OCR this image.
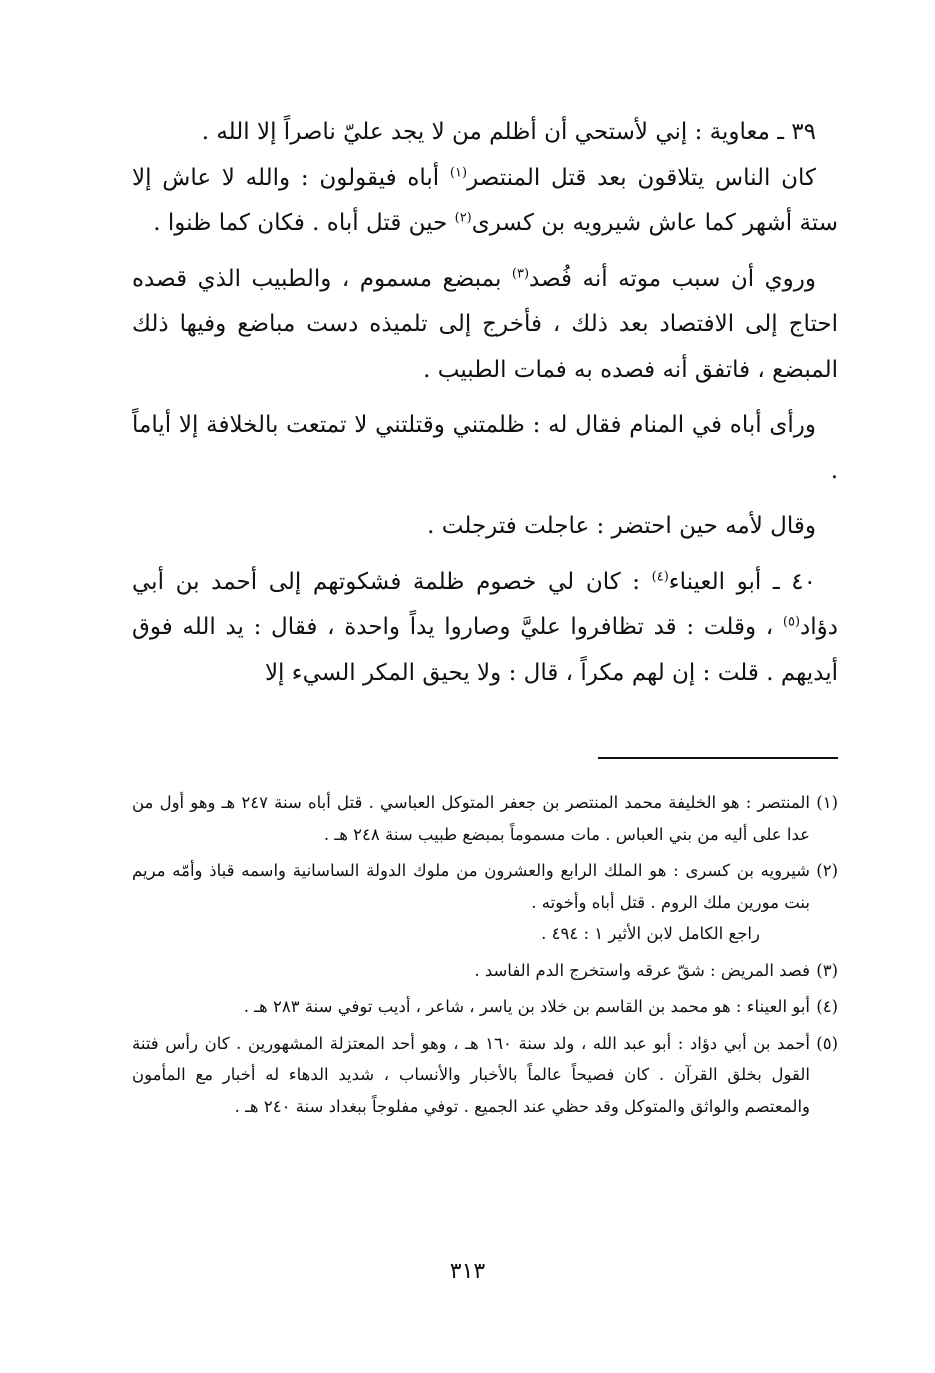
٣٩ ـ معاوية : إني لأستحي أن أظلم من لا يجد عليّ ناصراً إلا الله .

كان الناس يتلاقون بعد قتل المنتصر$^{(١)}$ أباه فيقولون : والله لا عاش إلا ستة أشهر كما عاش شيرويه بن كسرى$^{(٢)}$ حين قتل أباه . فكان كما ظنوا .

وروي أن سبب موته أنه فُصد$^{(٣)}$ بمبضع مسموم ، والطبيب الذي قصده احتاج إلى الافتصاد بعد ذلك ، فأخرج إلى تلميذه دست مباضع وفيها ذلك المبضع ، فاتفق أنه فصده به فمات الطبيب .

ورأى أباه في المنام فقال له : ظلمتني وقتلتني لا تمتعت بالخلافة إلا أياماً .

وقال لأمه حين احتضر : عاجلت فترجلت .

٤٠ ـ أبو العيناء$^{(٤)}$ : كان لي خصوم ظلمة فشكوتهم إلى أحمد بن أبي دؤاد$^{(٥)}$ ، وقلت : قد تظافروا عليَّ وصاروا يداً واحدة ، فقال : يد الله فوق أيديهم . قلت : إن لهم مكراً ، قال : ولا يحيق المكر السيء إلا

(١)
المنتصر : هو الخليفة محمد المنتصر بن جعفر المتوكل العباسي . قتل أباه سنة ٢٤٧ هـ وهو أول من عدا على أليه من بني العباس . مات مسموماً بمبضع طبيب سنة ٢٤٨ هـ .
(٢)
شيرويه بن كسرى : هو الملك الرابع والعشرون من ملوك الدولة الساسانية واسمه قباذ وأمّه مريم بنت مورين ملك الروم . قتل أباه وأخوته .
راجع الكامل لابن الأثير ١ : ٤٩٤ .
(٣)
فصد المريض : شقّ عرقه واستخرج الدم الفاسد .
(٤)
أبو العيناء : هو محمد بن القاسم بن خلاد بن ياسر ، شاعر ، أديب توفي سنة ٢٨٣ هـ .
(٥)
أحمد بن أبي دؤاد : أبو عبد الله ، ولد سنة ١٦٠ هـ ، وهو أحد المعتزلة المشهورين . كان رأس فتنة القول بخلق القرآن . كان فصيحاً عالماً بالأخبار والأنساب ، شديد الدهاء له أخبار مع المأمون والمعتصم والواثق والمتوكل وقد حظي عند الجميع . توفي مفلوجاً ببغداد سنة ٢٤٠ هـ .
٣١٣
